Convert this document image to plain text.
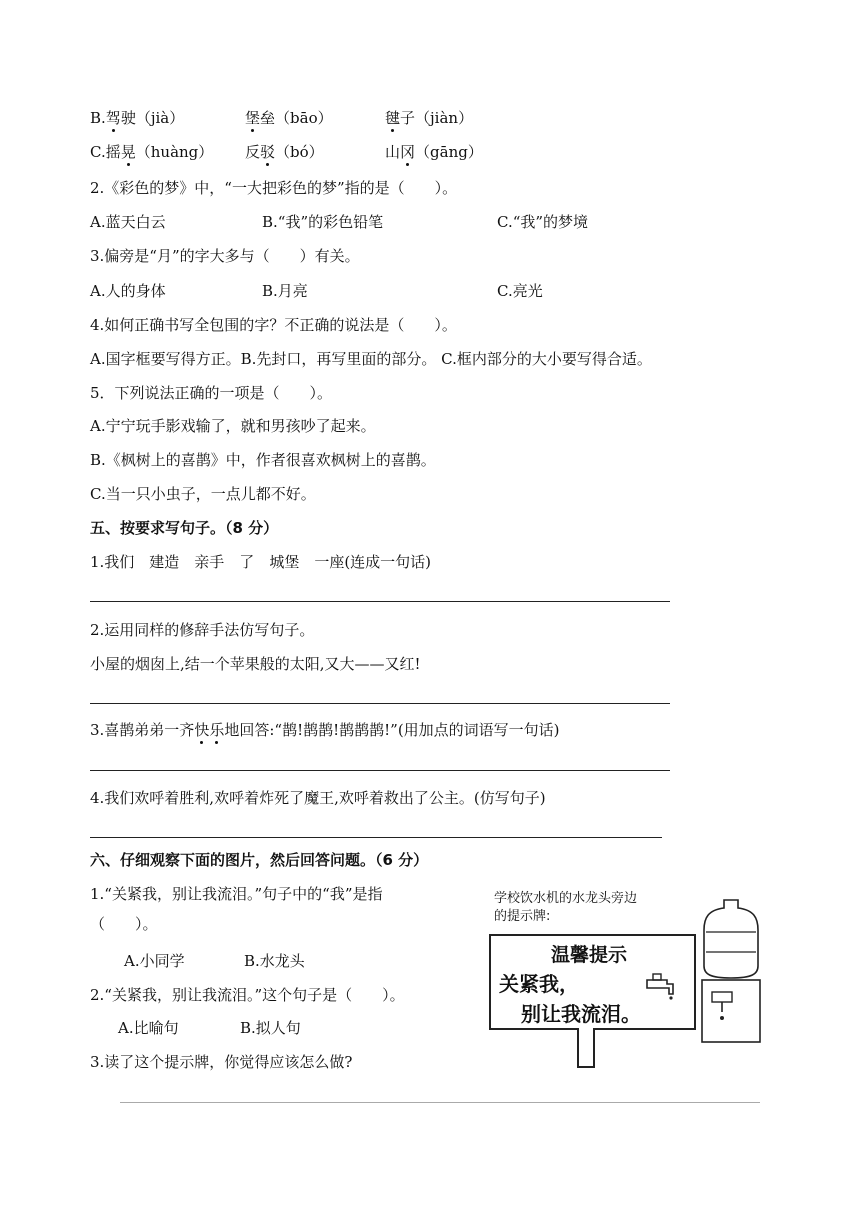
B.驾驶（jià）	堡垒（bāo）	毽子（jiàn）
C.摇晃（huàng） 反驳（bó）	山冈（gāng）
2.《彩色的梦》中，“一大把彩色的梦”指的是（　　）。
A.蓝天白云	B.“我”的彩色铅笔	C.“我”的梦境
3.偏旁是“月”的字大多与（　　）有关。
A.人的身体	B.月亮	C.亮光
4.如何正确书写全包围的字？不正确的说法是（　　）。
A.国字框要写得方正。B.先封口，再写里面的部分。 C.框内部分的大小要写得合适。
5．下列说法正确的一项是（　　）。
A.宁宁玩手影戏输了，就和男孩吵了起来。
B.《枫树上的喜鹊》中，作者很喜欢枫树上的喜鹊。
C.当一只小虫子，一点儿都不好。
五、按要求写句子。（8 分）
1.我们　建造　亲手　了　城堡　一座(连成一句话)
2.运用同样的修辞手法仿写句子。
小屋的烟囱上,结一个苹果般的太阳,又大——又红!
3.喜鹊弟弟一齐快乐地回答:“鹊!鹊鹊!鹊鹊鹊!”(用加点的词语写一句话)
4.我们欢呼着胜利,欢呼着炸死了魔王,欢呼着救出了公主。(仿写句子)
六、仔细观察下面的图片，然后回答问题。（6 分）
1.“关紧我，别让我流泪。”句子中的“我”是指
（　　）。
A.小同学	B.水龙头
2.“关紧我，别让我流泪。”这个句子是（　　）。
A.比喻句	B.拟人句
3.读了这个提示牌，你觉得应该怎么做?
学校饮水机的水龙头旁边
的提示牌:
温馨提示
关紧我，
别让我流泪。
